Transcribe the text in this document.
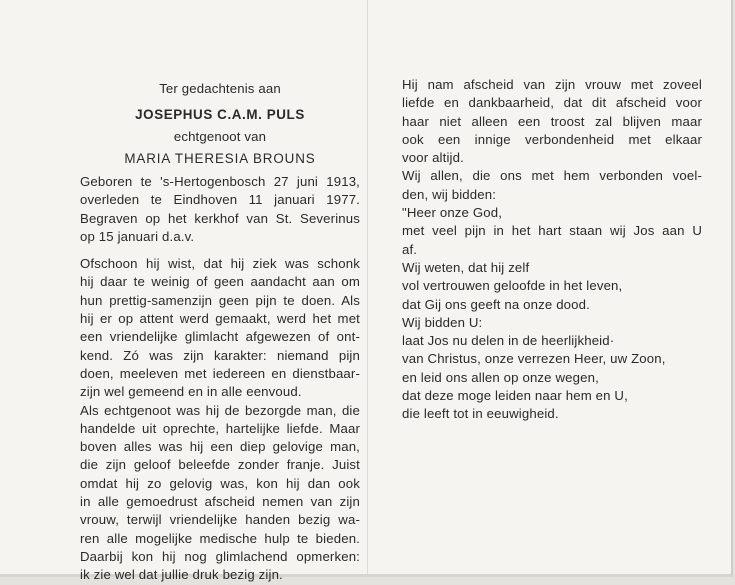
Ter gedachtenis aan
JOSEPHUS C.A.M. PULS
echtgenoot van
MARIA THERESIA BROUNS
Geboren te 's-Hertogenbosch 27 juni 1913,
overleden te Eindhoven 11 januari 1977.
Begraven op het kerkhof van St. Severinus
op 15 januari d.a.v.
Ofschoon hij wist, dat hij ziek was schonk
hij daar te weinig of geen aandacht aan om
hun prettig-samenzijn geen pijn te doen. Als
hij er op attent werd gemaakt, werd het met
een vriendelijke glimlacht afgewezen of ont-
kend. Zó was zijn karakter: niemand pijn
doen, meeleven met iedereen en dienstbaar-
zijn wel gemeend en in alle eenvoud.
Als echtgenoot was hij de bezorgde man, die
handelde uit oprechte, hartelijke liefde. Maar
boven alles was hij een diep gelovige man,
die zijn geloof beleefde zonder franje. Juist
omdat hij zo gelovig was, kon hij dan ook
in alle gemoedrust afscheid nemen van zijn
vrouw, terwijl vriendelijke handen bezig wa-
ren alle mogelijke medische hulp te bieden.
Daarbij kon hij nog glimlachend opmerken:
ik zie wel dat jullie druk bezig zijn.
Hij nam afscheid van zijn vrouw met zoveel
liefde en dankbaarheid, dat dit afscheid voor
haar niet alleen een troost zal blijven maar
ook een innige verbondenheid met elkaar
voor altijd.
Wij allen, die ons met hem verbonden voel-
den, wij bidden:
"Heer onze God,
met veel pijn in het hart staan wij Jos aan U
af.
Wij weten, dat hij zelf
vol vertrouwen geloofde in het leven,
dat Gij ons geeft na onze dood.
Wij bidden U:
laat Jos nu delen in de heerlijkheid·
van Christus, onze verrezen Heer, uw Zoon,
en leid ons allen op onze wegen,
dat deze moge leiden naar hem en U,
die leeft tot in eeuwigheid.
